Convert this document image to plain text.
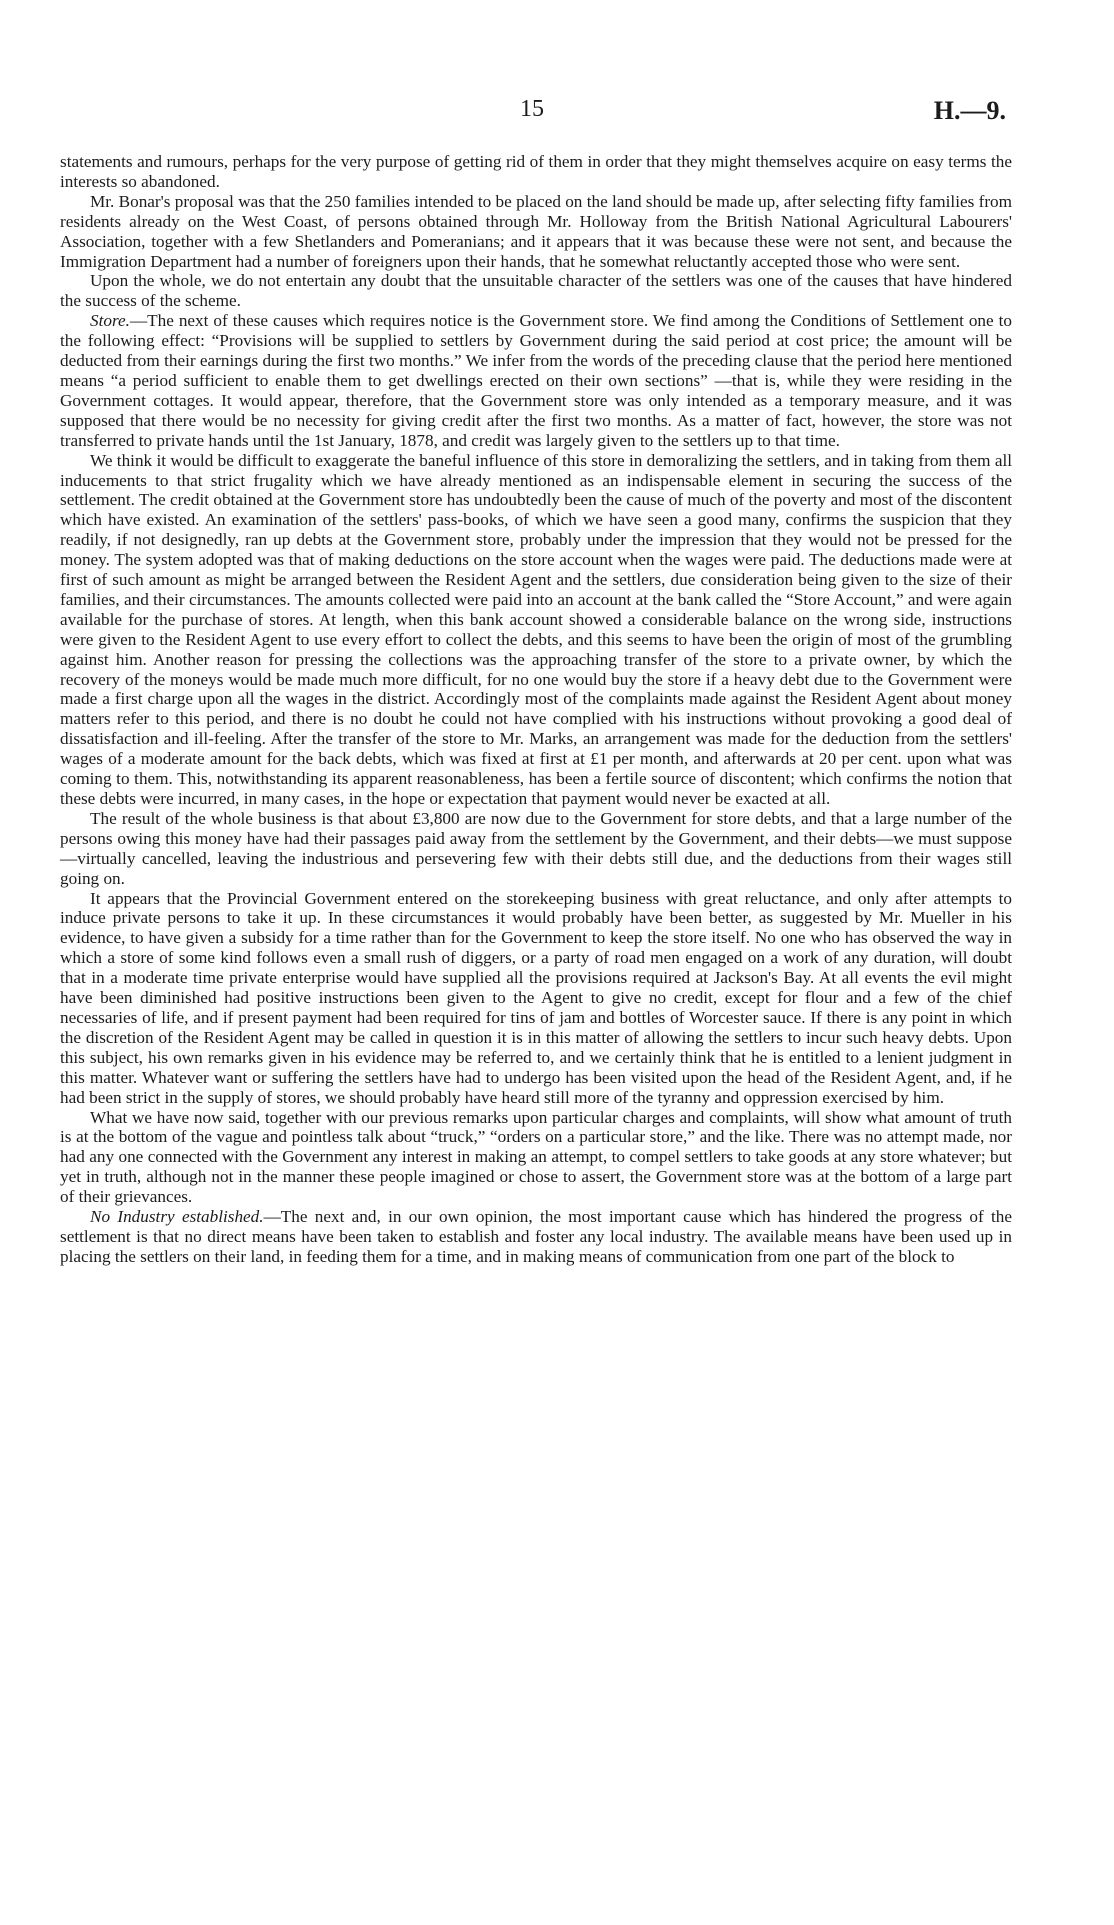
15	H.—9.

statements and rumours, perhaps for the very purpose of getting rid of them in order that they might themselves acquire on easy terms the interests so abandoned.

Mr. Bonar's proposal was that the 250 families intended to be placed on the land should be made up, after selecting fifty families from residents already on the West Coast, of persons obtained through Mr. Holloway from the British National Agricultural Labourers' Association, together with a few Shetlanders and Pomeranians; and it appears that it was because these were not sent, and because the Immigration Department had a number of foreigners upon their hands, that he somewhat reluctantly accepted those who were sent.

Upon the whole, we do not entertain any doubt that the unsuitable character of the settlers was one of the causes that have hindered the success of the scheme.

Store.—The next of these causes which requires notice is the Government store. We find among the Conditions of Settlement one to the following effect: “Provisions will be supplied to settlers by Government during the said period at cost price; the amount will be deducted from their earnings during the first two months.” We infer from the words of the preceding clause that the period here mentioned means “a period sufficient to enable them to get dwellings erected on their own sections” —that is, while they were residing in the Government cottages. It would appear, therefore, that the Government store was only intended as a temporary measure, and it was supposed that there would be no necessity for giving credit after the first two months. As a matter of fact, however, the store was not transferred to private hands until the 1st January, 1878, and credit was largely given to the settlers up to that time.

We think it would be difficult to exaggerate the baneful influence of this store in demoralizing the settlers, and in taking from them all inducements to that strict frugality which we have already mentioned as an indispensable element in securing the success of the settlement. The credit obtained at the Government store has undoubtedly been the cause of much of the poverty and most of the discontent which have existed. An examination of the settlers' pass-books, of which we have seen a good many, confirms the suspicion that they readily, if not designedly, ran up debts at the Government store, probably under the impression that they would not be pressed for the money. The system adopted was that of making deductions on the store account when the wages were paid. The deductions made were at first of such amount as might be arranged between the Resident Agent and the settlers, due consideration being given to the size of their families, and their circumstances. The amounts collected were paid into an account at the bank called the “Store Account,” and were again available for the purchase of stores. At length, when this bank account showed a considerable balance on the wrong side, instructions were given to the Resident Agent to use every effort to collect the debts, and this seems to have been the origin of most of the grumbling against him. Another reason for pressing the collections was the approaching transfer of the store to a private owner, by which the recovery of the moneys would be made much more difficult, for no one would buy the store if a heavy debt due to the Government were made a first charge upon all the wages in the district. Accordingly most of the complaints made against the Resident Agent about money matters refer to this period, and there is no doubt he could not have complied with his instructions without provoking a good deal of dissatisfaction and ill-feeling. After the transfer of the store to Mr. Marks, an arrangement was made for the deduction from the settlers' wages of a moderate amount for the back debts, which was fixed at first at £1 per month, and afterwards at 20 per cent. upon what was coming to them. This, notwithstanding its apparent reasonableness, has been a fertile source of discontent; which confirms the notion that these debts were incurred, in many cases, in the hope or expectation that payment would never be exacted at all.

The result of the whole business is that about £3,800 are now due to the Government for store debts, and that a large number of the persons owing this money have had their passages paid away from the settlement by the Government, and their debts—we must suppose—virtually cancelled, leaving the industrious and persevering few with their debts still due, and the deductions from their wages still going on.

It appears that the Provincial Government entered on the storekeeping business with great reluctance, and only after attempts to induce private persons to take it up. In these circumstances it would probably have been better, as suggested by Mr. Mueller in his evidence, to have given a subsidy for a time rather than for the Government to keep the store itself. No one who has observed the way in which a store of some kind follows even a small rush of diggers, or a party of road men engaged on a work of any duration, will doubt that in a moderate time private enterprise would have supplied all the provisions required at Jackson's Bay. At all events the evil might have been diminished had positive instructions been given to the Agent to give no credit, except for flour and a few of the chief necessaries of life, and if present payment had been required for tins of jam and bottles of Worcester sauce. If there is any point in which the discretion of the Resident Agent may be called in question it is in this matter of allowing the settlers to incur such heavy debts. Upon this subject, his own remarks given in his evidence may be referred to, and we certainly think that he is entitled to a lenient judgment in this matter. Whatever want or suffering the settlers have had to undergo has been visited upon the head of the Resident Agent, and, if he had been strict in the supply of stores, we should probably have heard still more of the tyranny and oppression exercised by him.

What we have now said, together with our previous remarks upon particular charges and complaints, will show what amount of truth is at the bottom of the vague and pointless talk about “truck,” “orders on a particular store,” and the like. There was no attempt made, nor had any one connected with the Government any interest in making an attempt, to compel settlers to take goods at any store whatever; but yet in truth, although not in the manner these people imagined or chose to assert, the Government store was at the bottom of a large part of their grievances.

No Industry established.—The next and, in our own opinion, the most important cause which has hindered the progress of the settlement is that no direct means have been taken to establish and foster any local industry. The available means have been used up in placing the settlers on their land, in feeding them for a time, and in making means of communication from one part of the block to
